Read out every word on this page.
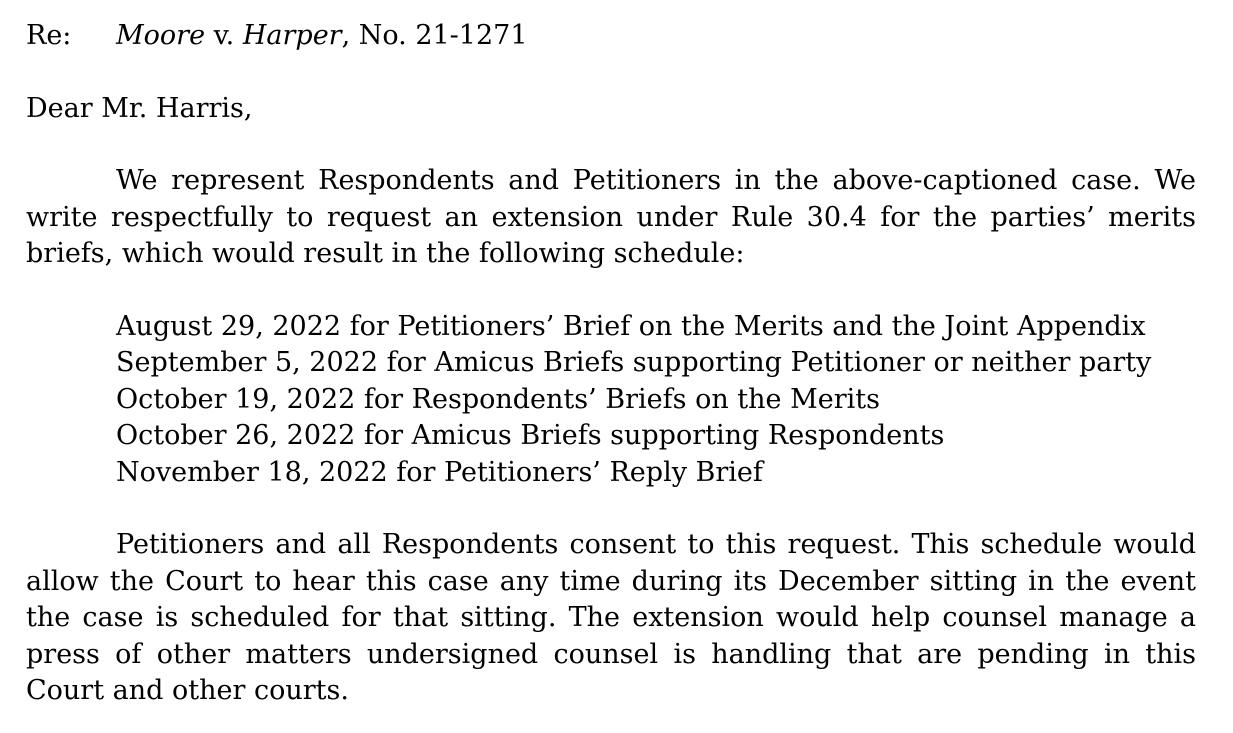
Re: Moore v. Harper, No. 21-1271
Dear Mr. Harris,
We represent Respondents and Petitioners in the above-captioned case. We write respectfully to request an extension under Rule 30.4 for the parties’ merits briefs, which would result in the following schedule:
August 29, 2022 for Petitioners’ Brief on the Merits and the Joint Appendix
September 5, 2022 for Amicus Briefs supporting Petitioner or neither party
October 19, 2022 for Respondents’ Briefs on the Merits
October 26, 2022 for Amicus Briefs supporting Respondents
November 18, 2022 for Petitioners’ Reply Brief
Petitioners and all Respondents consent to this request. This schedule would allow the Court to hear this case any time during its December sitting in the event the case is scheduled for that sitting. The extension would help counsel manage a press of other matters undersigned counsel is handling that are pending in this Court and other courts.
